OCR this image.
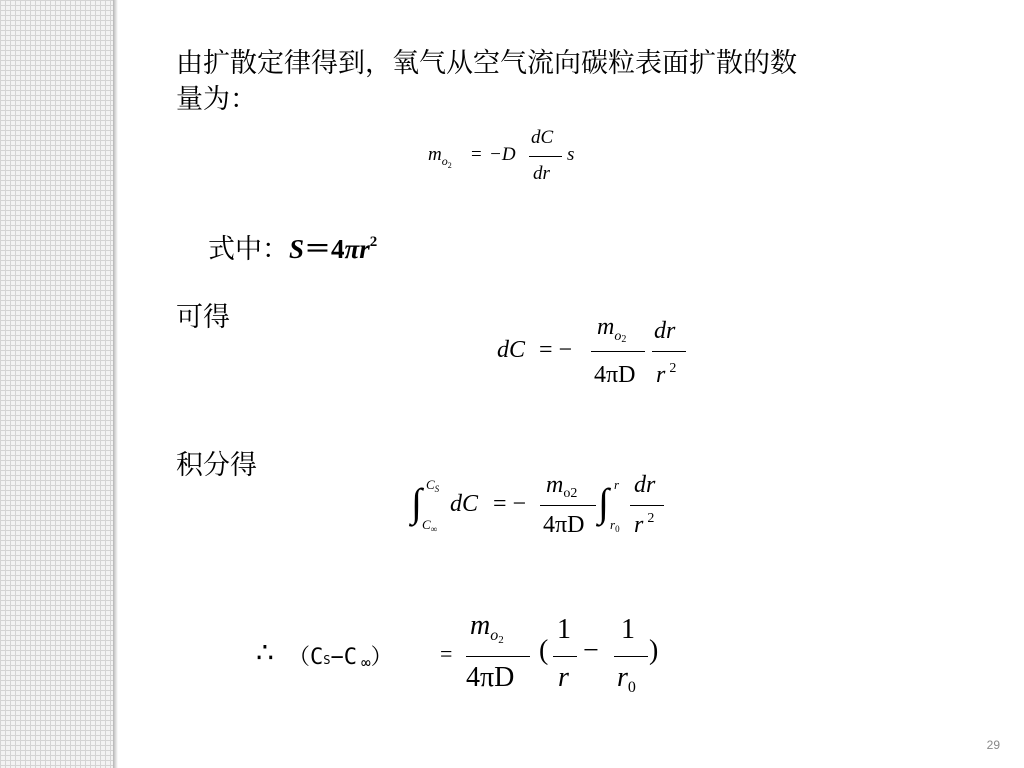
由扩散定律得到，氧气从空气流向碳粒表面扩散的数
量为：
$m_{o_2}$
= −D
dC
dr
s
式中：$S=4\pi r^2$
可得
dC = −
$m_{o2}$
4πD
dr
r $^2$
积分得
∫ $C_S$
$C_\infty$
dC = −
$m_{o2}$
4πD ∫ r
$r_0$
dr
r $^2$
∴ （CS−C ∞） =
$m_{o2}$
4πD
(
1
r
−
1
$r_0$
)
29
